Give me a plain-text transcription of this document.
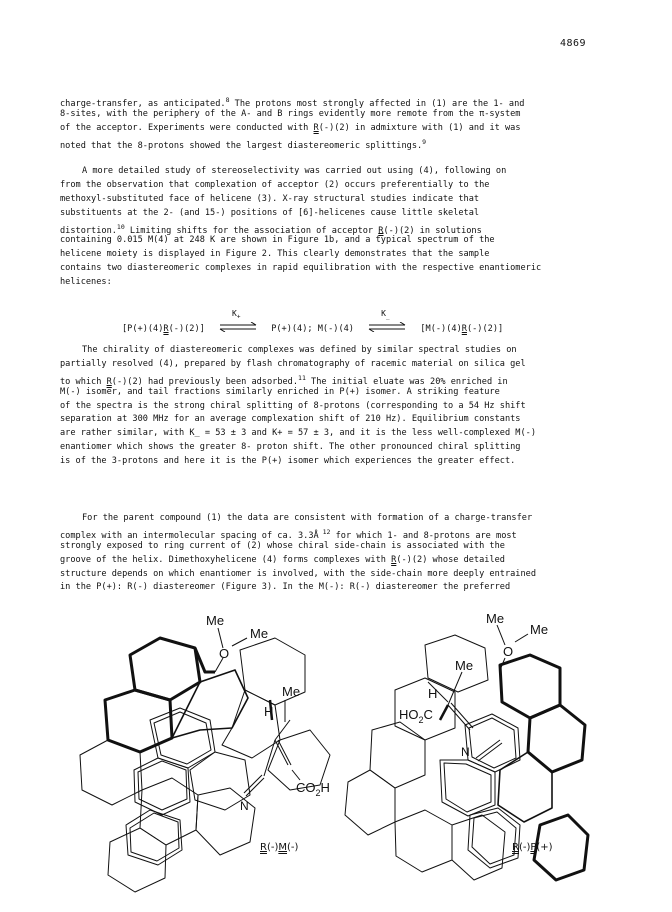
4869
charge-transfer, as anticipated.$^8$ The protons most strongly affected in (1) are the 1- and
8-sites, with the periphery of the A- and B rings evidently more remote from the π-system
of the acceptor. Experiments were conducted with R(-)(2) in admixture with (1) and it was
noted that the 8-protons showed the largest diastereomeric splittings.$^9$
A more detailed study of stereoselectivity was carried out using (4), following on
from the observation that complexation of acceptor (2) occurs preferentially to the
methoxyl-substituted face of helicene (3). X-ray structural studies indicate that
substituents at the 2- (and 15-) positions of [6]-helicenes cause little skeletal
distortion.$^{10}$ Limiting shifts for the association of acceptor R(-)(2) in solutions
containing 0.015 M(4) at 248 K are shown in Figure 1b, and a typical spectrum of the
helicene moiety is displayed in Figure 2. This clearly demonstrates that the sample
contains two diastereomeric complexes in rapid equilibration with the respective enantiomeric
helicenes:
[P(+)(4)R(-)(2)]
$K_+$
P(+)(4); M(-)(4)
$K_{\_}$
[M(-)(4)R(-)(2)]
The chirality of diastereomeric complexes was defined by similar spectral studies on
partially resolved (4), prepared by flash chromatography of racemic material on silica gel
to which R(-)(2) had previously been adsorbed.$^{11}$ The initial eluate was 20% enriched in
M(-) isomer, and tail fractions similarly enriched in P(+) isomer. A striking feature
of the spectra is the strong chiral splitting of 8-protons (corresponding to a 54 Hz shift
separation at 300 MHz for an average complexation shift of 210 Hz). Equilibrium constants
are rather similar, with K_ = 53 ± 3 and K+ = 57 ± 3, and it is the less well-complexed M(-)
enantiomer which shows the greater 8- proton shift. The other pronounced chiral splitting
is of the 3-protons and here it is the P(+) isomer which experiences the greater effect.
For the parent compound (1) the data are consistent with formation of a charge-transfer
complex with an intermolecular spacing of ca. 3.3Å $^{12}$ for which 1- and 8-protons are most
strongly exposed to ring current of (2) whose chiral side-chain is associated with the
groove of the helix. Dimethoxyhelicene (4) forms complexes with R(-)(2) whose detailed
structure depends on which enantiomer is involved, with the side-chain more deeply entrained
in the P(+): R(-) diastereomer (Figure 3). In the M(-): R(-) diastereomer the preferred
Me
Me
O
Me
H
$CO_2H$
N
Me
Me
O
Me
H
$HO_2C$
N
R(-)M(-)	R(-)P(+)
